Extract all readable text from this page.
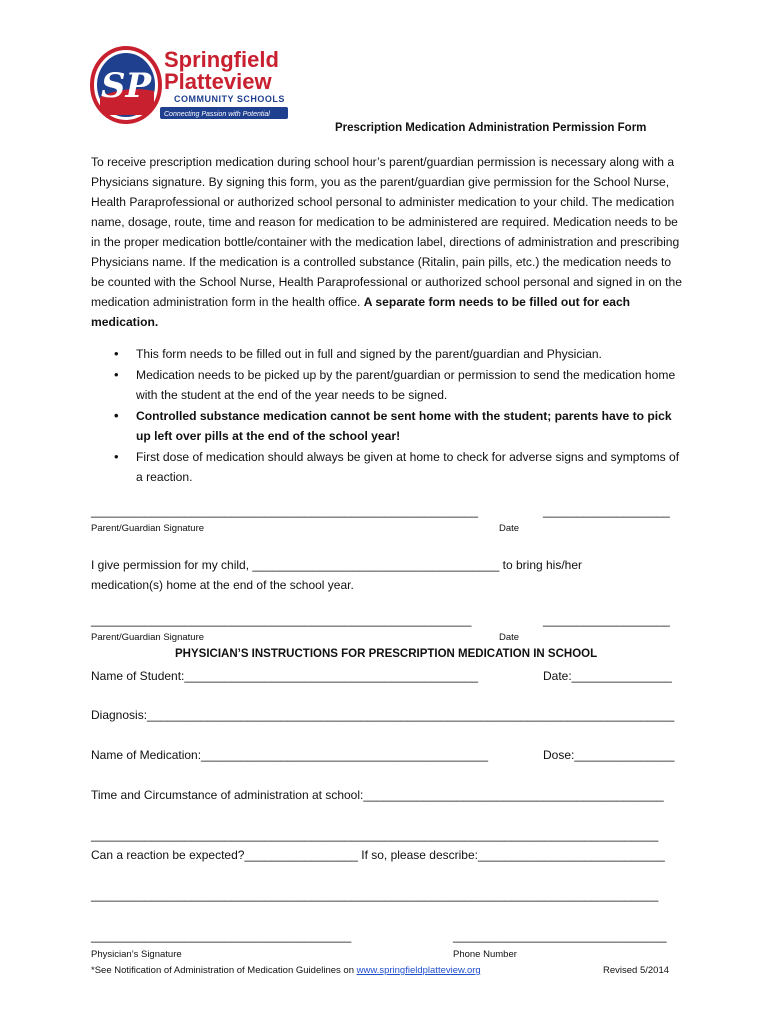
SP
Springfield
Platteview
COMMUNITY SCHOOLS
Connecting Passion with Potential
Prescription Medication Administration Permission Form
To receive prescription medication during school hour’s parent/guardian permission is necessary along with a Physicians signature. By signing this form, you as the parent/guardian give permission for the School Nurse, Health Paraprofessional or authorized school personal to administer medication to your child. The medication name, dosage, route, time and reason for medication to be administered are required. Medication needs to be in the proper medication bottle/container with the medication label, directions of administration and prescribing Physicians name. If the medication is a controlled substance (Ritalin, pain pills, etc.) the medication needs to be counted with the School Nurse, Health Paraprofessional or authorized school personal and signed in on the medication administration form in the health office. A separate form needs to be filled out for each medication.
• This form needs to be filled out in full and signed by the parent/guardian and Physician.
• Medication needs to be picked up by the parent/guardian or permission to send the medication home with the student at the end of the year needs to be signed.
• Controlled substance medication cannot be sent home with the student; parents have to pick up left over pills at the end of the school year!
• First dose of medication should always be given at home to check for adverse signs and symptoms of a reaction.
__________________________________________________________	___________________
Parent/Guardian Signature	Date
I give permission for my child, _____________________________________ to bring his/her
medication(s) home at the end of the school year.
_________________________________________________________	___________________
Parent/Guardian Signature	Date
PHYSICIAN’S INSTRUCTIONS FOR PRESCRIPTION MEDICATION IN SCHOOL
Name of Student:____________________________________________	Date:_______________
Diagnosis:_______________________________________________________________________________
Name of Medication:___________________________________________	Dose:_______________
Time and Circumstance of administration at school:_____________________________________________
_____________________________________________________________________________________
Can a reaction be expected?_________________ If so, please describe:____________________________
_____________________________________________________________________________________
_______________________________________	________________________________
Physician’s Signature	Phone Number
*See Notification of Administration of Medication Guidelines on www.springfieldplatteview.org	Revised 5/2014
